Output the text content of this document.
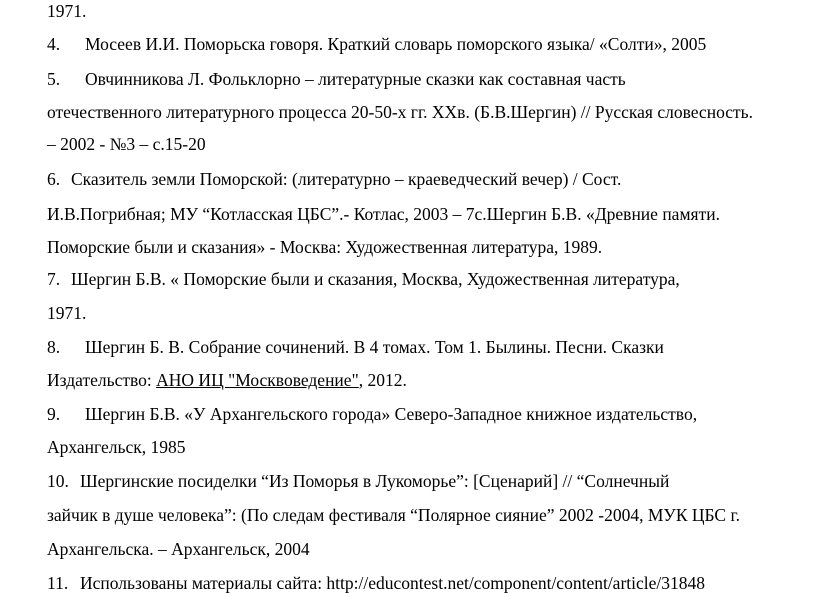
1971.
4. Мосеев И.И. Поморьска говоря. Краткий словарь поморского языка/ «Солти», 2005
5. Овчинникова Л. Фольклорно – литературные сказки как составная часть
отечественного литературного процесса 20-50-х гг. ХХв. (Б.В.Шергин) // Русская словесность.
– 2002 - №3 – с.15-20
6. Сказитель земли Поморской: (литературно – краеведческий вечер) / Сост.
И.В.Погрибная; МУ “Котласская ЦБС”.- Котлас, 2003 – 7с.Шергин Б.В. «Древние памяти.
Поморские были и сказания» - Москва: Художественная литература, 1989.
7. Шергин Б.В. « Поморские были и сказания, Москва, Художественная литература,
1971.
8. Шергин Б. В. Собрание сочинений. В 4 томах. Том 1. Былины. Песни. Сказки
Издательство: АНО ИЦ "Москвоведение", 2012.
9. Шергин Б.В. «У Архангельского города» Северо-Западное книжное издательство,
Архангельск, 1985
10. Шергинские посиделки “Из Поморья в Лукоморье”: [Сценарий] // “Солнечный
зайчик в душе человека”: (По следам фестиваля “Полярное сияние” 2002 -2004, МУК ЦБС г.
Архангельска. – Архангельск, 2004
11. Использованы материалы сайта: http://educontest.net/component/content/article/31848
